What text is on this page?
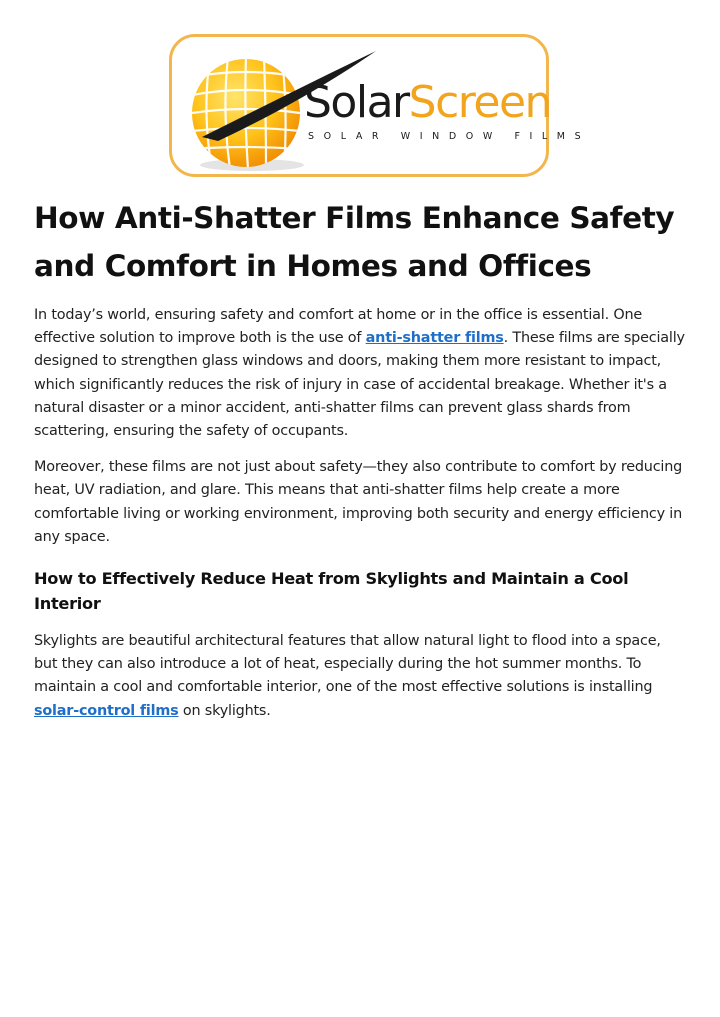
SolarScreen
SOLAR WINDOW FILMS
How Anti-Shatter Films Enhance Safety and Comfort in Homes and Offices

In today’s world, ensuring safety and comfort at home or in the office is essential. One effective solution to improve both is the use of anti-shatter films. These films are specially designed to strengthen glass windows and doors, making them more resistant to impact, which significantly reduces the risk of injury in case of accidental breakage. Whether it's a natural disaster or a minor accident, anti-shatter films can prevent glass shards from scattering, ensuring the safety of occupants.

Moreover, these films are not just about safety—they also contribute to comfort by reducing heat, UV radiation, and glare. This means that anti-shatter films help create a more comfortable living or working environment, improving both security and energy efficiency in any space.

How to Effectively Reduce Heat from Skylights and Maintain a Cool Interior

Skylights are beautiful architectural features that allow natural light to flood into a space, but they can also introduce a lot of heat, especially during the hot summer months. To maintain a cool and comfortable interior, one of the most effective solutions is installing solar-control films on skylights.
